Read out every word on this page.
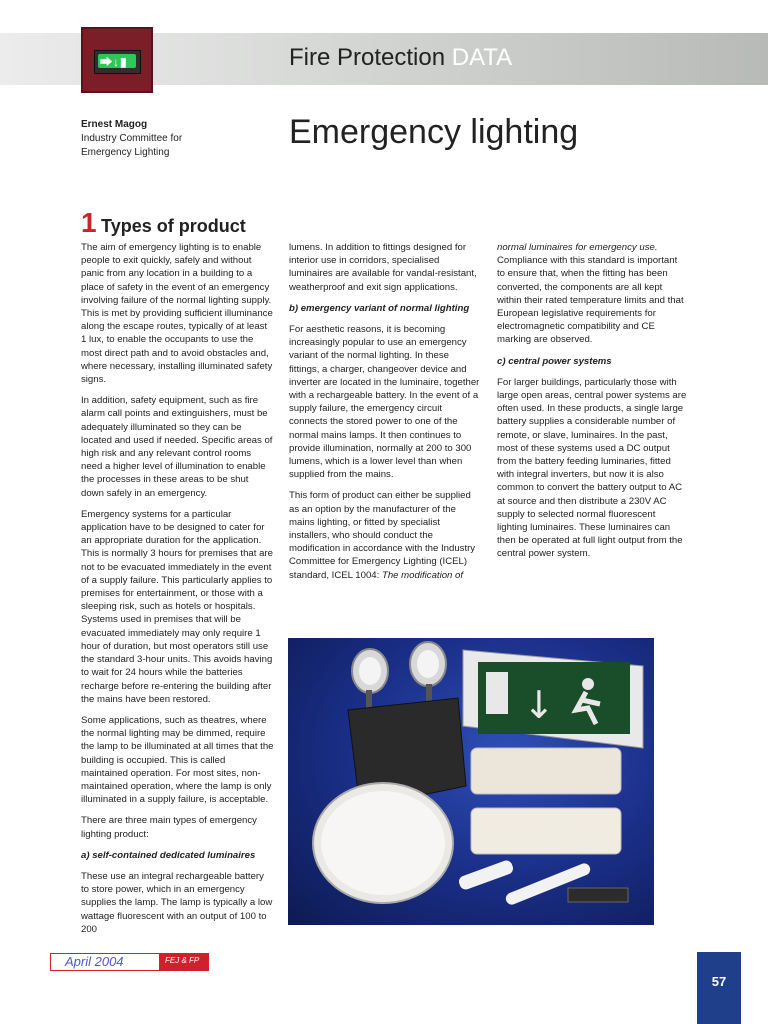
Fire Protection DATA
⮕↓▮
Ernest Magog
Industry Committee for
Emergency Lighting
Emergency lighting
1 Types of product

The aim of emergency lighting is to enable people to exit quickly, safely and without panic from any location in a building to a place of safety in the event of an emergency involving failure of the normal lighting supply. This is met by providing sufficient illuminance along the escape routes, typically of at least 1 lux, to enable the occupants to use the most direct path and to avoid obstacles and, where necessary, installing illuminated safety signs.

In addition, safety equipment, such as fire alarm call points and extinguishers, must be adequately illuminated so they can be located and used if needed. Specific areas of high risk and any relevant control rooms need a higher level of illumination to enable the processes in these areas to be shut down safely in an emergency.

Emergency systems for a particular application have to be designed to cater for an appropriate duration for the application. This is normally 3 hours for premises that are not to be evacuated immediately in the event of a supply failure. This particularly applies to premises for entertainment, or those with a sleeping risk, such as hotels or hospitals. Systems used in premises that will be evacuated immediately may only require 1 hour of duration, but most operators still use the standard 3-hour units. This avoids having to wait for 24 hours while the batteries recharge before re-entering the building after the mains have been restored.

Some applications, such as theatres, where the normal lighting may be dimmed, require the lamp to be illuminated at all times that the building is occupied. This is called maintained operation. For most sites, non-maintained operation, where the lamp is only illuminated in a supply failure, is acceptable.

There are three main types of emergency lighting product:

a) self-contained dedicated luminaires

These use an integral rechargeable battery to store power, which in an emergency supplies the lamp. The lamp is typically a low wattage fluorescent with an output of 100 to 200

lumens. In addition to fittings designed for interior use in corridors, specialised luminaires are available for vandal-resistant, weatherproof and exit sign applications.

b) emergency variant of normal lighting

For aesthetic reasons, it is becoming increasingly popular to use an emergency variant of the normal lighting. In these fittings, a charger, changeover device and inverter are located in the luminaire, together with a rechargeable battery. In the event of a supply failure, the emergency circuit connects the stored power to one of the normal mains lamps. It then continues to provide illumination, normally at 200 to 300 lumens, which is a lower level than when supplied from the mains.

This form of product can either be supplied as an option by the manufacturer of the mains lighting, or fitted by specialist installers, who should conduct the modification in accordance with the Industry Committee for Emergency Lighting (ICEL) standard, ICEL 1004: The modification of

normal luminaires for emergency use. Compliance with this standard is important to ensure that, when the fitting has been converted, the components are all kept within their rated temperature limits and that European legislative requirements for electromagnetic compatibility and CE marking are observed.

c) central power systems

For larger buildings, particularly those with large open areas, central power systems are often used. In these products, a single large battery supplies a considerable number of remote, or slave, luminaires. In the past, most of these systems used a DC output from the battery feeding luminaries, fitted with integral inverters, but now it is also common to convert the battery output to AC at source and then distribute a 230V AC supply to selected normal fluorescent lighting luminaires. These luminaires can then be operated at full light output from the central power system.

↓
April 2004	FEJ & FP
57
